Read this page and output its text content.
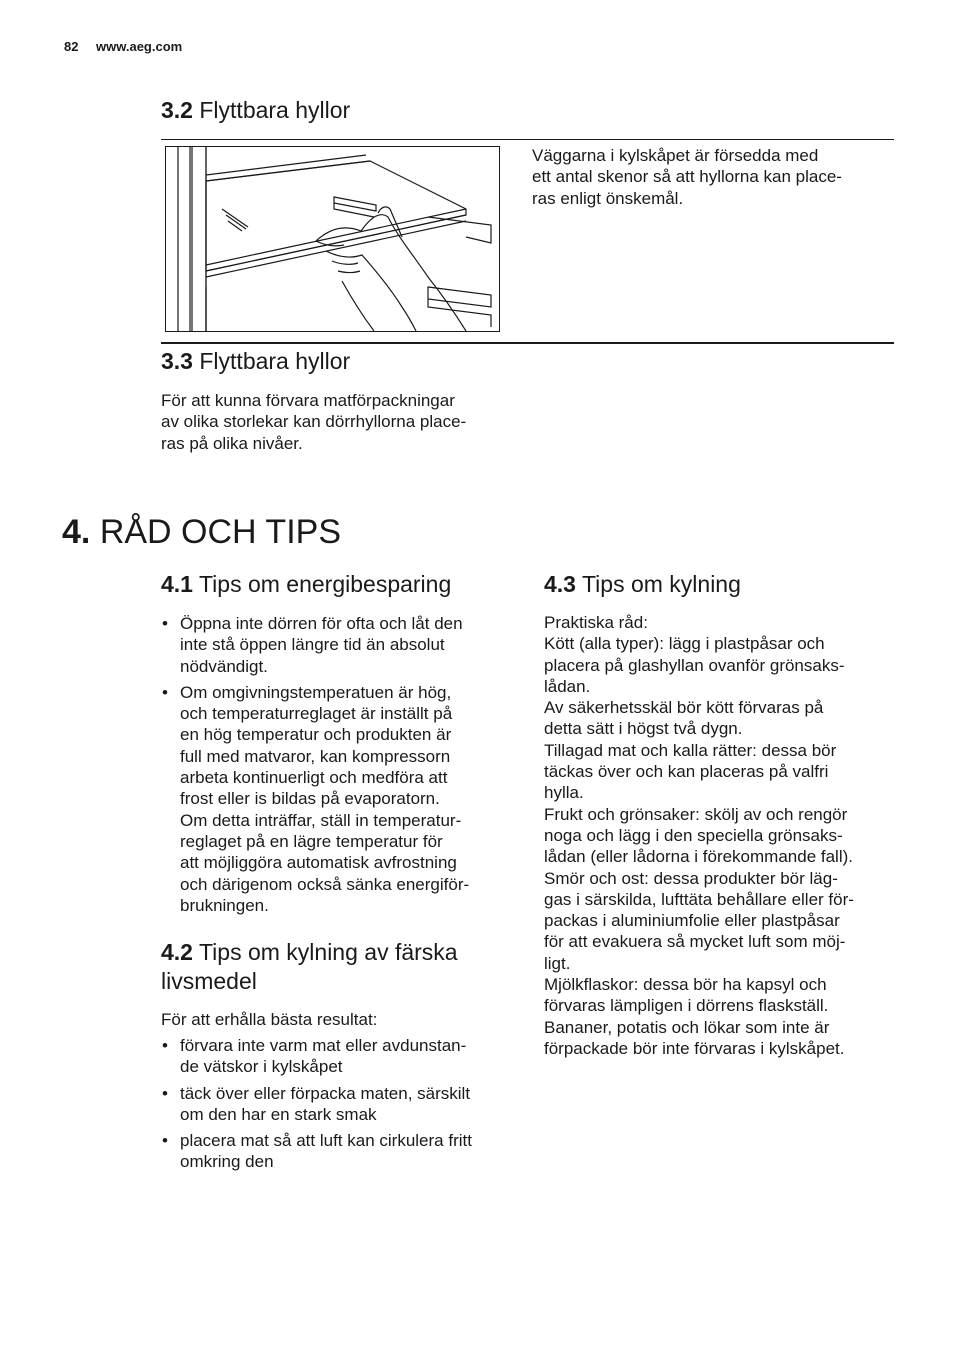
82 www.aeg.com
3.2 Flyttbara hyllor
Väggarna i kylskåpet är försedda med
ett antal skenor så att hyllorna kan place-
ras enligt önskemål.
3.3 Flyttbara hyllor
För att kunna förvara matförpackningar
av olika storlekar kan dörrhyllorna place-
ras på olika nivåer.
4. RÅD OCH TIPS
4.1 Tips om energibesparing
• Öppna inte dörren för ofta och låt den
inte stå öppen längre tid än absolut
nödvändigt.
• Om omgivningstemperatuen är hög,
och temperaturreglaget är inställt på
en hög temperatur och produkten är
full med matvaror, kan kompressorn
arbeta kontinuerligt och medföra att
frost eller is bildas på evaporatorn.
Om detta inträffar, ställ in temperatur-
reglaget på en lägre temperatur för
att möjliggöra automatisk avfrostning
och därigenom också sänka energiför-
brukningen.
4.2 Tips om kylning av färska
livsmedel
För att erhålla bästa resultat:
• förvara inte varm mat eller avdunstan-
de vätskor i kylskåpet
• täck över eller förpacka maten, särskilt
om den har en stark smak
• placera mat så att luft kan cirkulera fritt
omkring den
4.3 Tips om kylning
Praktiska råd:
Kött (alla typer): lägg i plastpåsar och
placera på glashyllan ovanför grönsaks-
lådan.
Av säkerhetsskäl bör kött förvaras på
detta sätt i högst två dygn.
Tillagad mat och kalla rätter: dessa bör
täckas över och kan placeras på valfri
hylla.
Frukt och grönsaker: skölj av och rengör
noga och lägg i den speciella grönsaks-
lådan (eller lådorna i förekommande fall).
Smör och ost: dessa produkter bör läg-
gas i särskilda, lufttäta behållare eller för-
packas i aluminiumfolie eller plastpåsar
för att evakuera så mycket luft som möj-
ligt.
Mjölkflaskor: dessa bör ha kapsyl och
förvaras lämpligen i dörrens flaskställ.
Bananer, potatis och lökar som inte är
förpackade bör inte förvaras i kylskåpet.
